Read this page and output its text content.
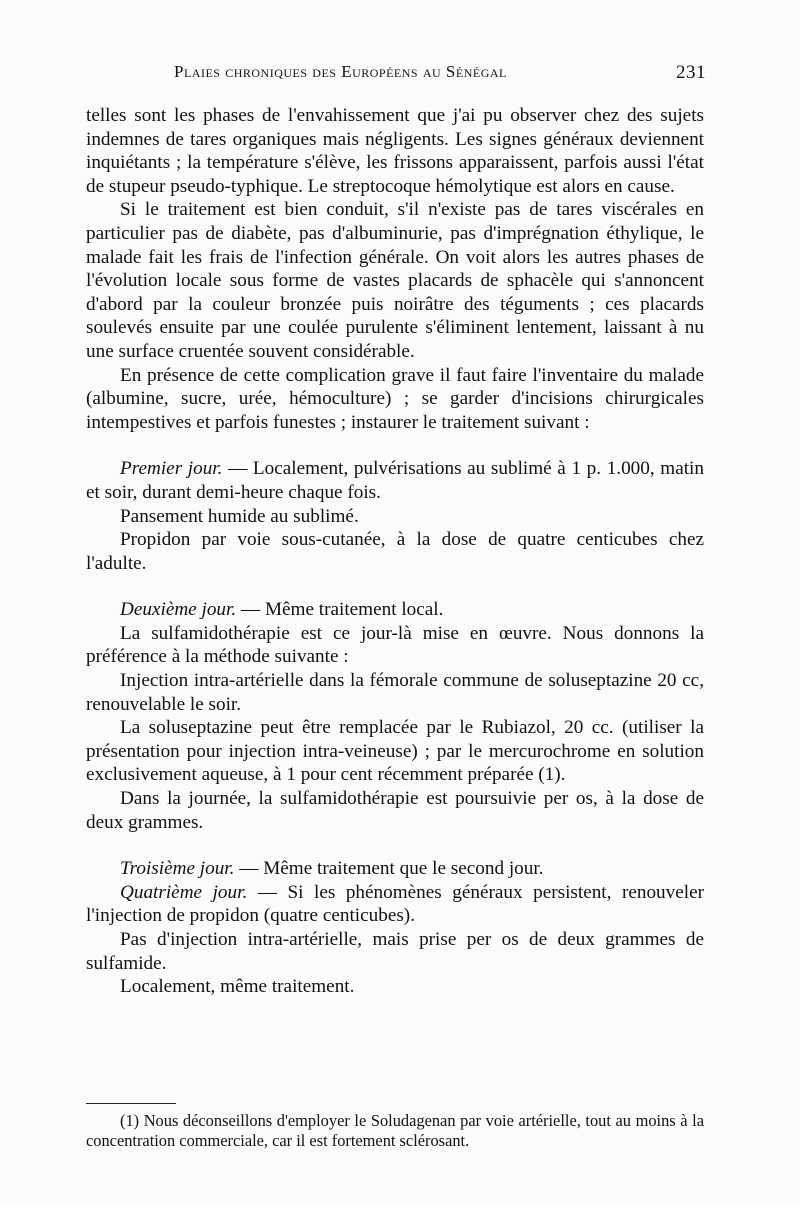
Plaies chroniques des Européens au Sénégal	231

telles sont les phases de l'envahissement que j'ai pu observer chez des sujets indemnes de tares organiques mais négligents. Les signes généraux deviennent inquiétants ; la température s'élève, les frissons apparaissent, parfois aussi l'état de stupeur pseudo-typhique. Le streptocoque hémolytique est alors en cause.

Si le traitement est bien conduit, s'il n'existe pas de tares viscérales en particulier pas de diabète, pas d'albuminurie, pas d'imprégnation éthylique, le malade fait les frais de l'infection générale. On voit alors les autres phases de l'évolution locale sous forme de vastes placards de sphacèle qui s'annoncent d'abord par la couleur bronzée puis noirâtre des téguments ; ces placards soulevés ensuite par une coulée purulente s'éliminent lentement, laissant à nu une surface cruentée souvent considérable.

En présence de cette complication grave il faut faire l'inventaire du malade (albumine, sucre, urée, hémoculture) ; se garder d'incisions chirurgicales intempestives et parfois funestes ; instaurer le traitement suivant :

Premier jour. — Localement, pulvérisations au sublimé à 1 p. 1.000, matin et soir, durant demi-heure chaque fois.

Pansement humide au sublimé.

Propidon par voie sous-cutanée, à la dose de quatre centicubes chez l'adulte.

Deuxième jour. — Même traitement local.

La sulfamidothérapie est ce jour-là mise en œuvre. Nous donnons la préférence à la méthode suivante :

Injection intra-artérielle dans la fémorale commune de soluseptazine 20 cc, renouvelable le soir.

La soluseptazine peut être remplacée par le Rubiazol, 20 cc. (utiliser la présentation pour injection intra-veineuse) ; par le mercurochrome en solution exclusivement aqueuse, à 1 pour cent récemment préparée (1).

Dans la journée, la sulfamidothérapie est poursuivie per os, à la dose de deux grammes.

Troisième jour. — Même traitement que le second jour.

Quatrième jour. — Si les phénomènes généraux persistent, renouveler l'injection de propidon (quatre centicubes).

Pas d'injection intra-artérielle, mais prise per os de deux grammes de sulfamide.

Localement, même traitement.

(1) Nous déconseillons d'employer le Soludagenan par voie artérielle, tout au moins à la concentration commerciale, car il est fortement sclérosant.
